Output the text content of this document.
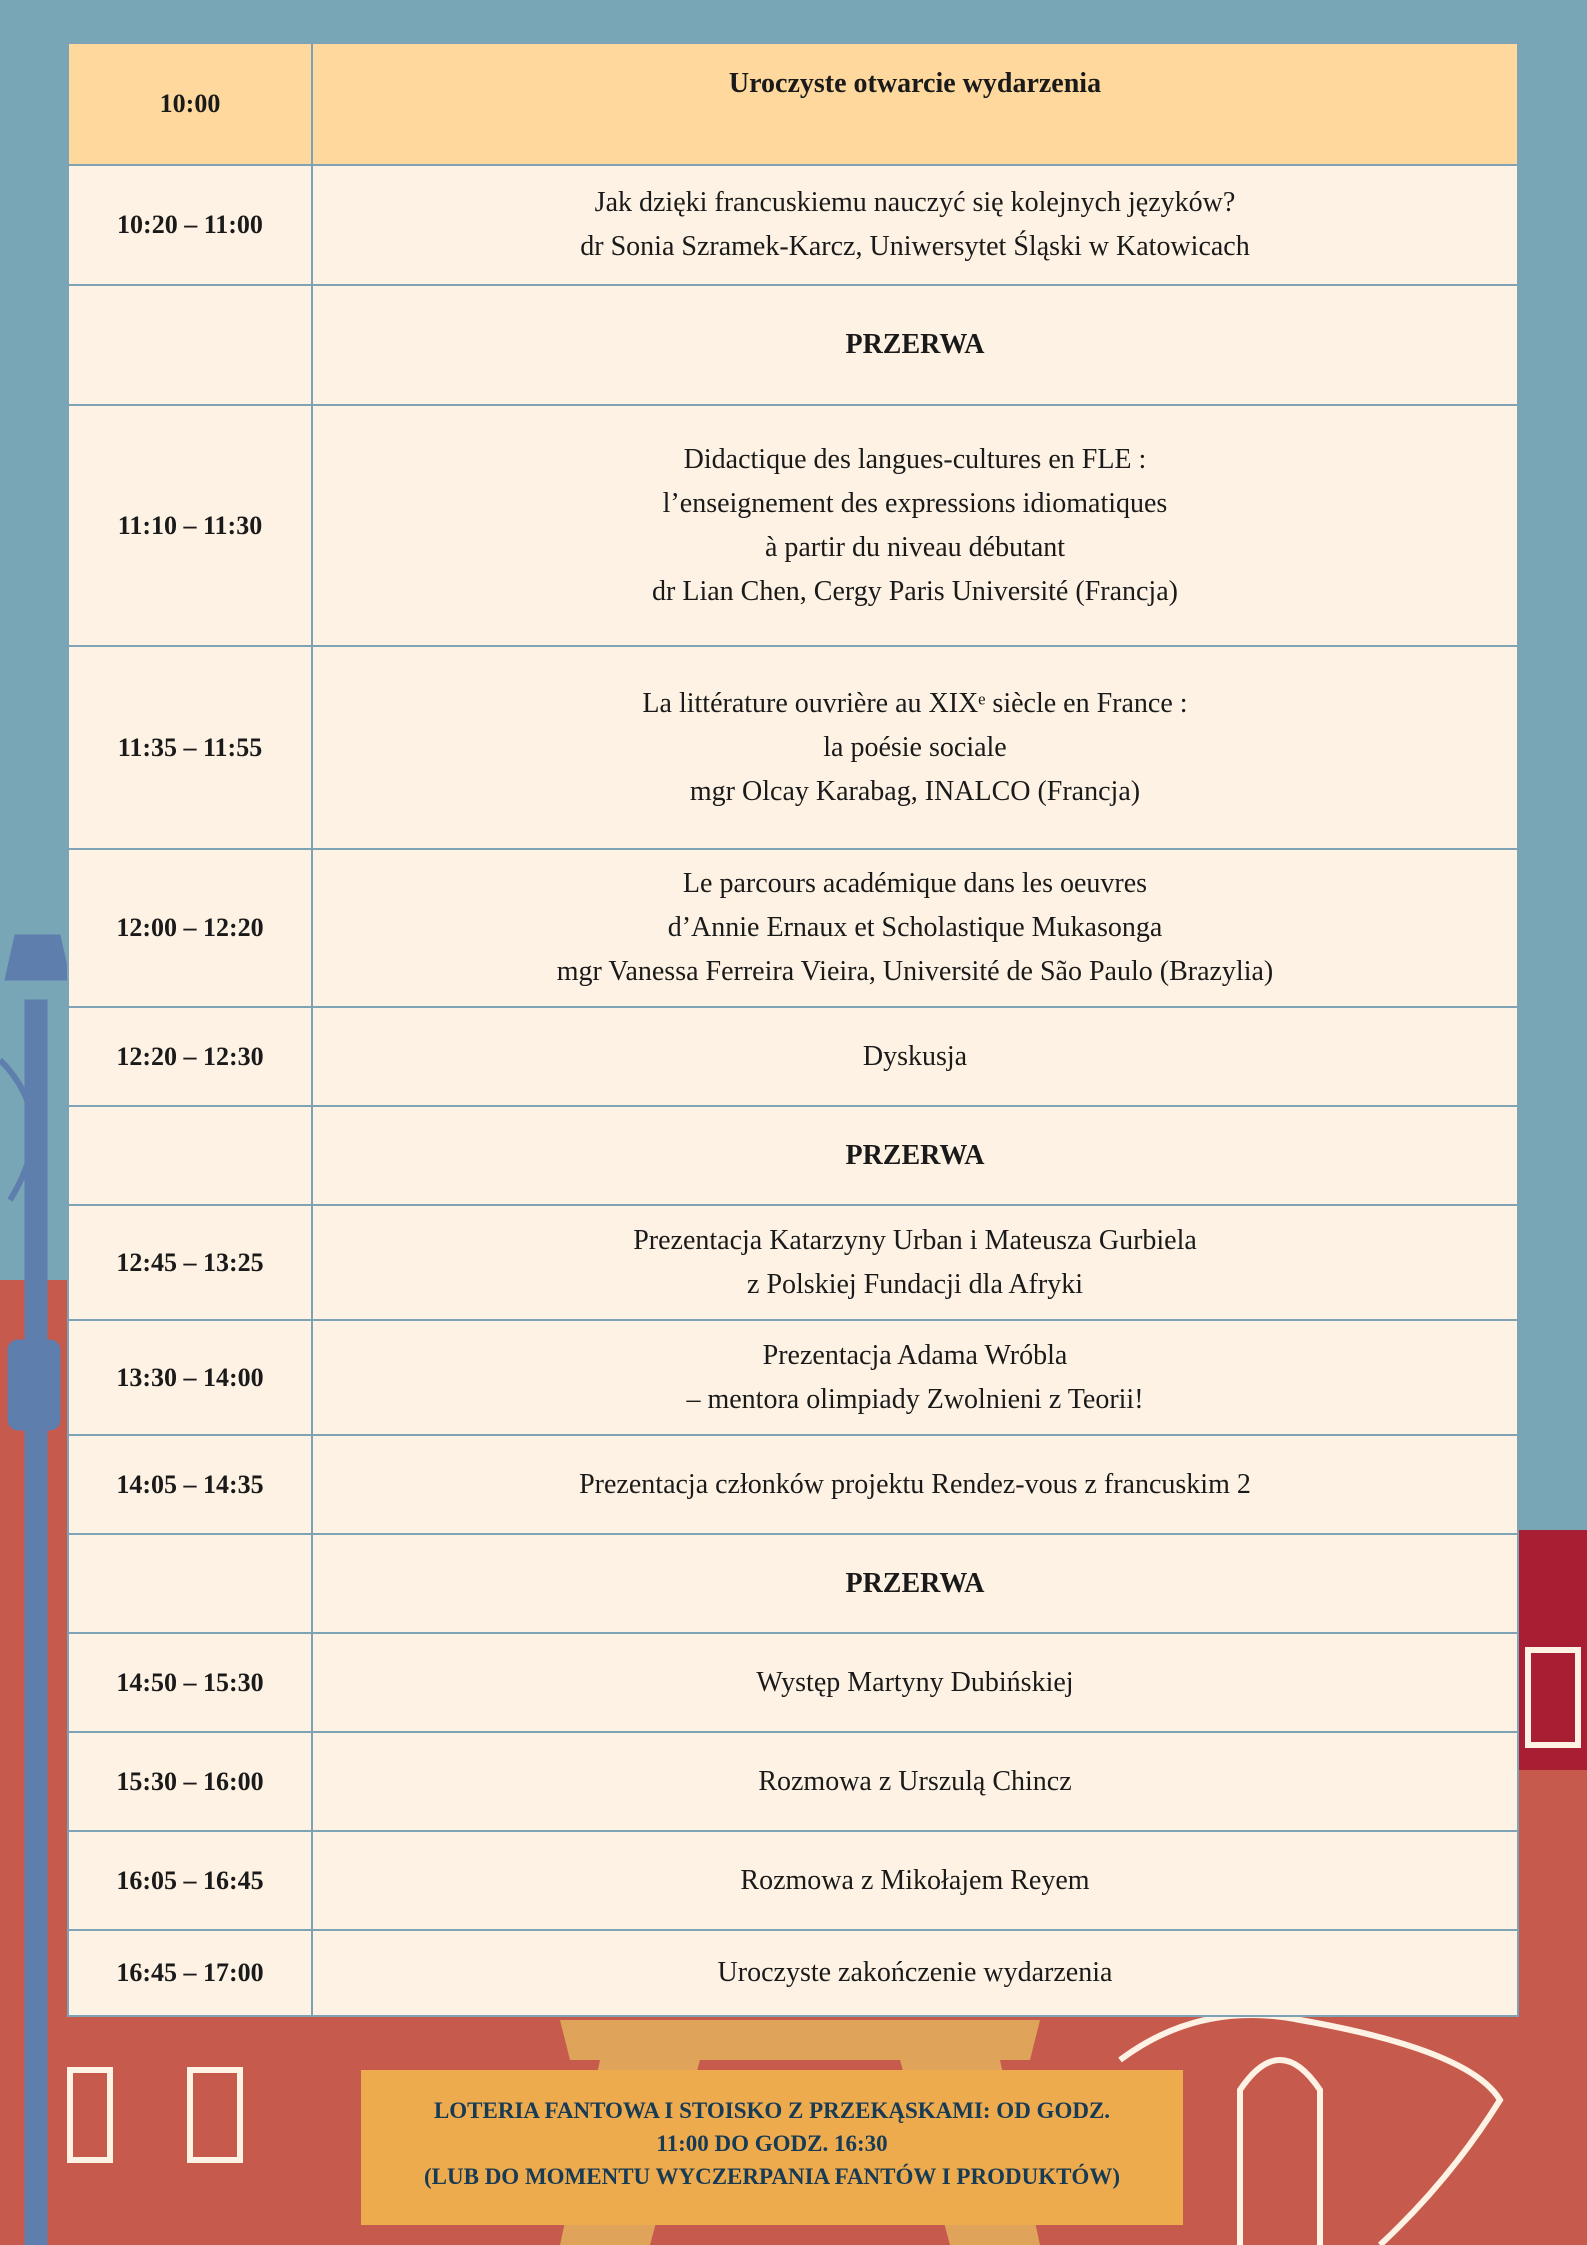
10:00	Uroczyste otwarcie wydarzenia
10:20 – 11:00	Jak dzięki francuskiemu nauczyć się kolejnych języków?
dr Sonia Szramek-Karcz, Uniwersytet Śląski w Katowicach

	PRZERWA
11:10 – 11:30	Didactique des langues-cultures en FLE :
l’enseignement des expressions idiomatiques
à partir du niveau débutant
dr Lian Chen, Cergy Paris Université (Francja)

11:35 – 11:55	La littérature ouvrière au XIXᵉ siècle en France :
la poésie sociale
mgr Olcay Karabag, INALCO (Francja)

12:00 – 12:20	Le parcours académique dans les oeuvres
d’Annie Ernaux et Scholastique Mukasonga
mgr Vanessa Ferreira Vieira, Université de São Paulo (Brazylia)

12:20 – 12:30	Dyskusja

	PRZERWA
12:45 – 13:25	Prezentacja Katarzyny Urban i Mateusza Gurbiela
z Polskiej Fundacji dla Afryki

13:30 – 14:00	Prezentacja Adama Wróbla
– mentora olimpiady Zwolnieni z Teorii!

14:05 – 14:35	Prezentacja członków projektu Rendez-vous z francuskim 2

	PRZERWA
14:50 – 15:30	Występ Martyny Dubińskiej

15:30 – 16:00	Rozmowa z Urszulą Chincz

16:05 – 16:45	Rozmowa z Mikołajem Reyem

16:45 – 17:00	Uroczyste zakończenie wydarzenia
LOTERIA FANTOWA I STOISKO Z PRZEKĄSKAMI: OD GODZ.
11:00 DO GODZ. 16:30
(LUB DO MOMENTU WYCZERPANIA FANTÓW I PRODUKTÓW)
